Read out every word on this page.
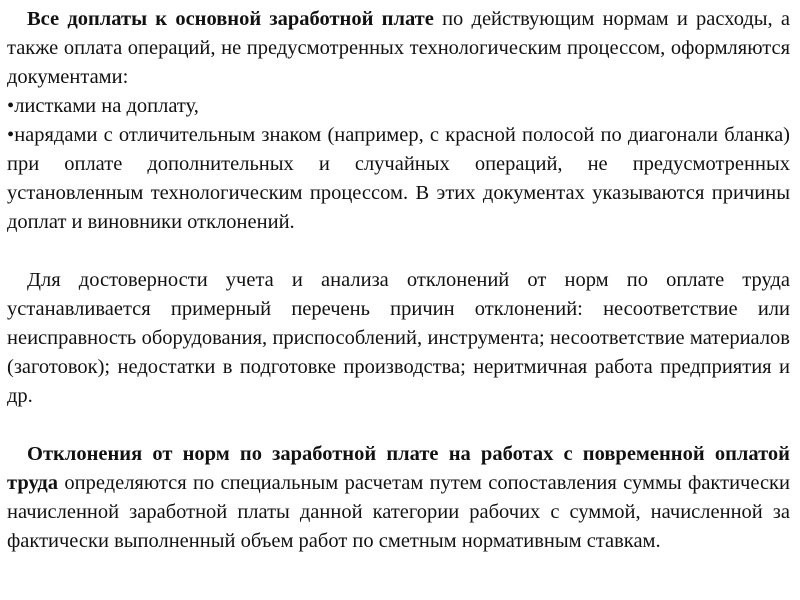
Все доплаты к основной заработной плате по действующим нормам и расходы, а также оплата операций, не предусмотренных технологическим процессом, оформляются документами:

•листками на доплату,

•нарядами с отличительным знаком (например, с красной полосой по диагонали бланка) при оплате дополнительных и случайных операций, не предусмотренных установленным технологическим процессом. В этих документах указываются причины доплат и виновники отклонений.

Для достоверности учета и анализа отклонений от норм по оплате труда устанавливается примерный перечень причин отклонений: несоответствие или неисправность оборудования, приспособлений, инструмента; несоответствие материалов (заготовок); недостатки в подготовке производства; неритмичная работа предприятия и др.

Отклонения от норм по заработной плате на работах с повременной оплатой труда определяются по специальным расчетам путем сопоставления суммы фактически начисленной заработной платы данной категории рабочих с суммой, начисленной за фактически выполненный объем работ по сметным нормативным ставкам.
